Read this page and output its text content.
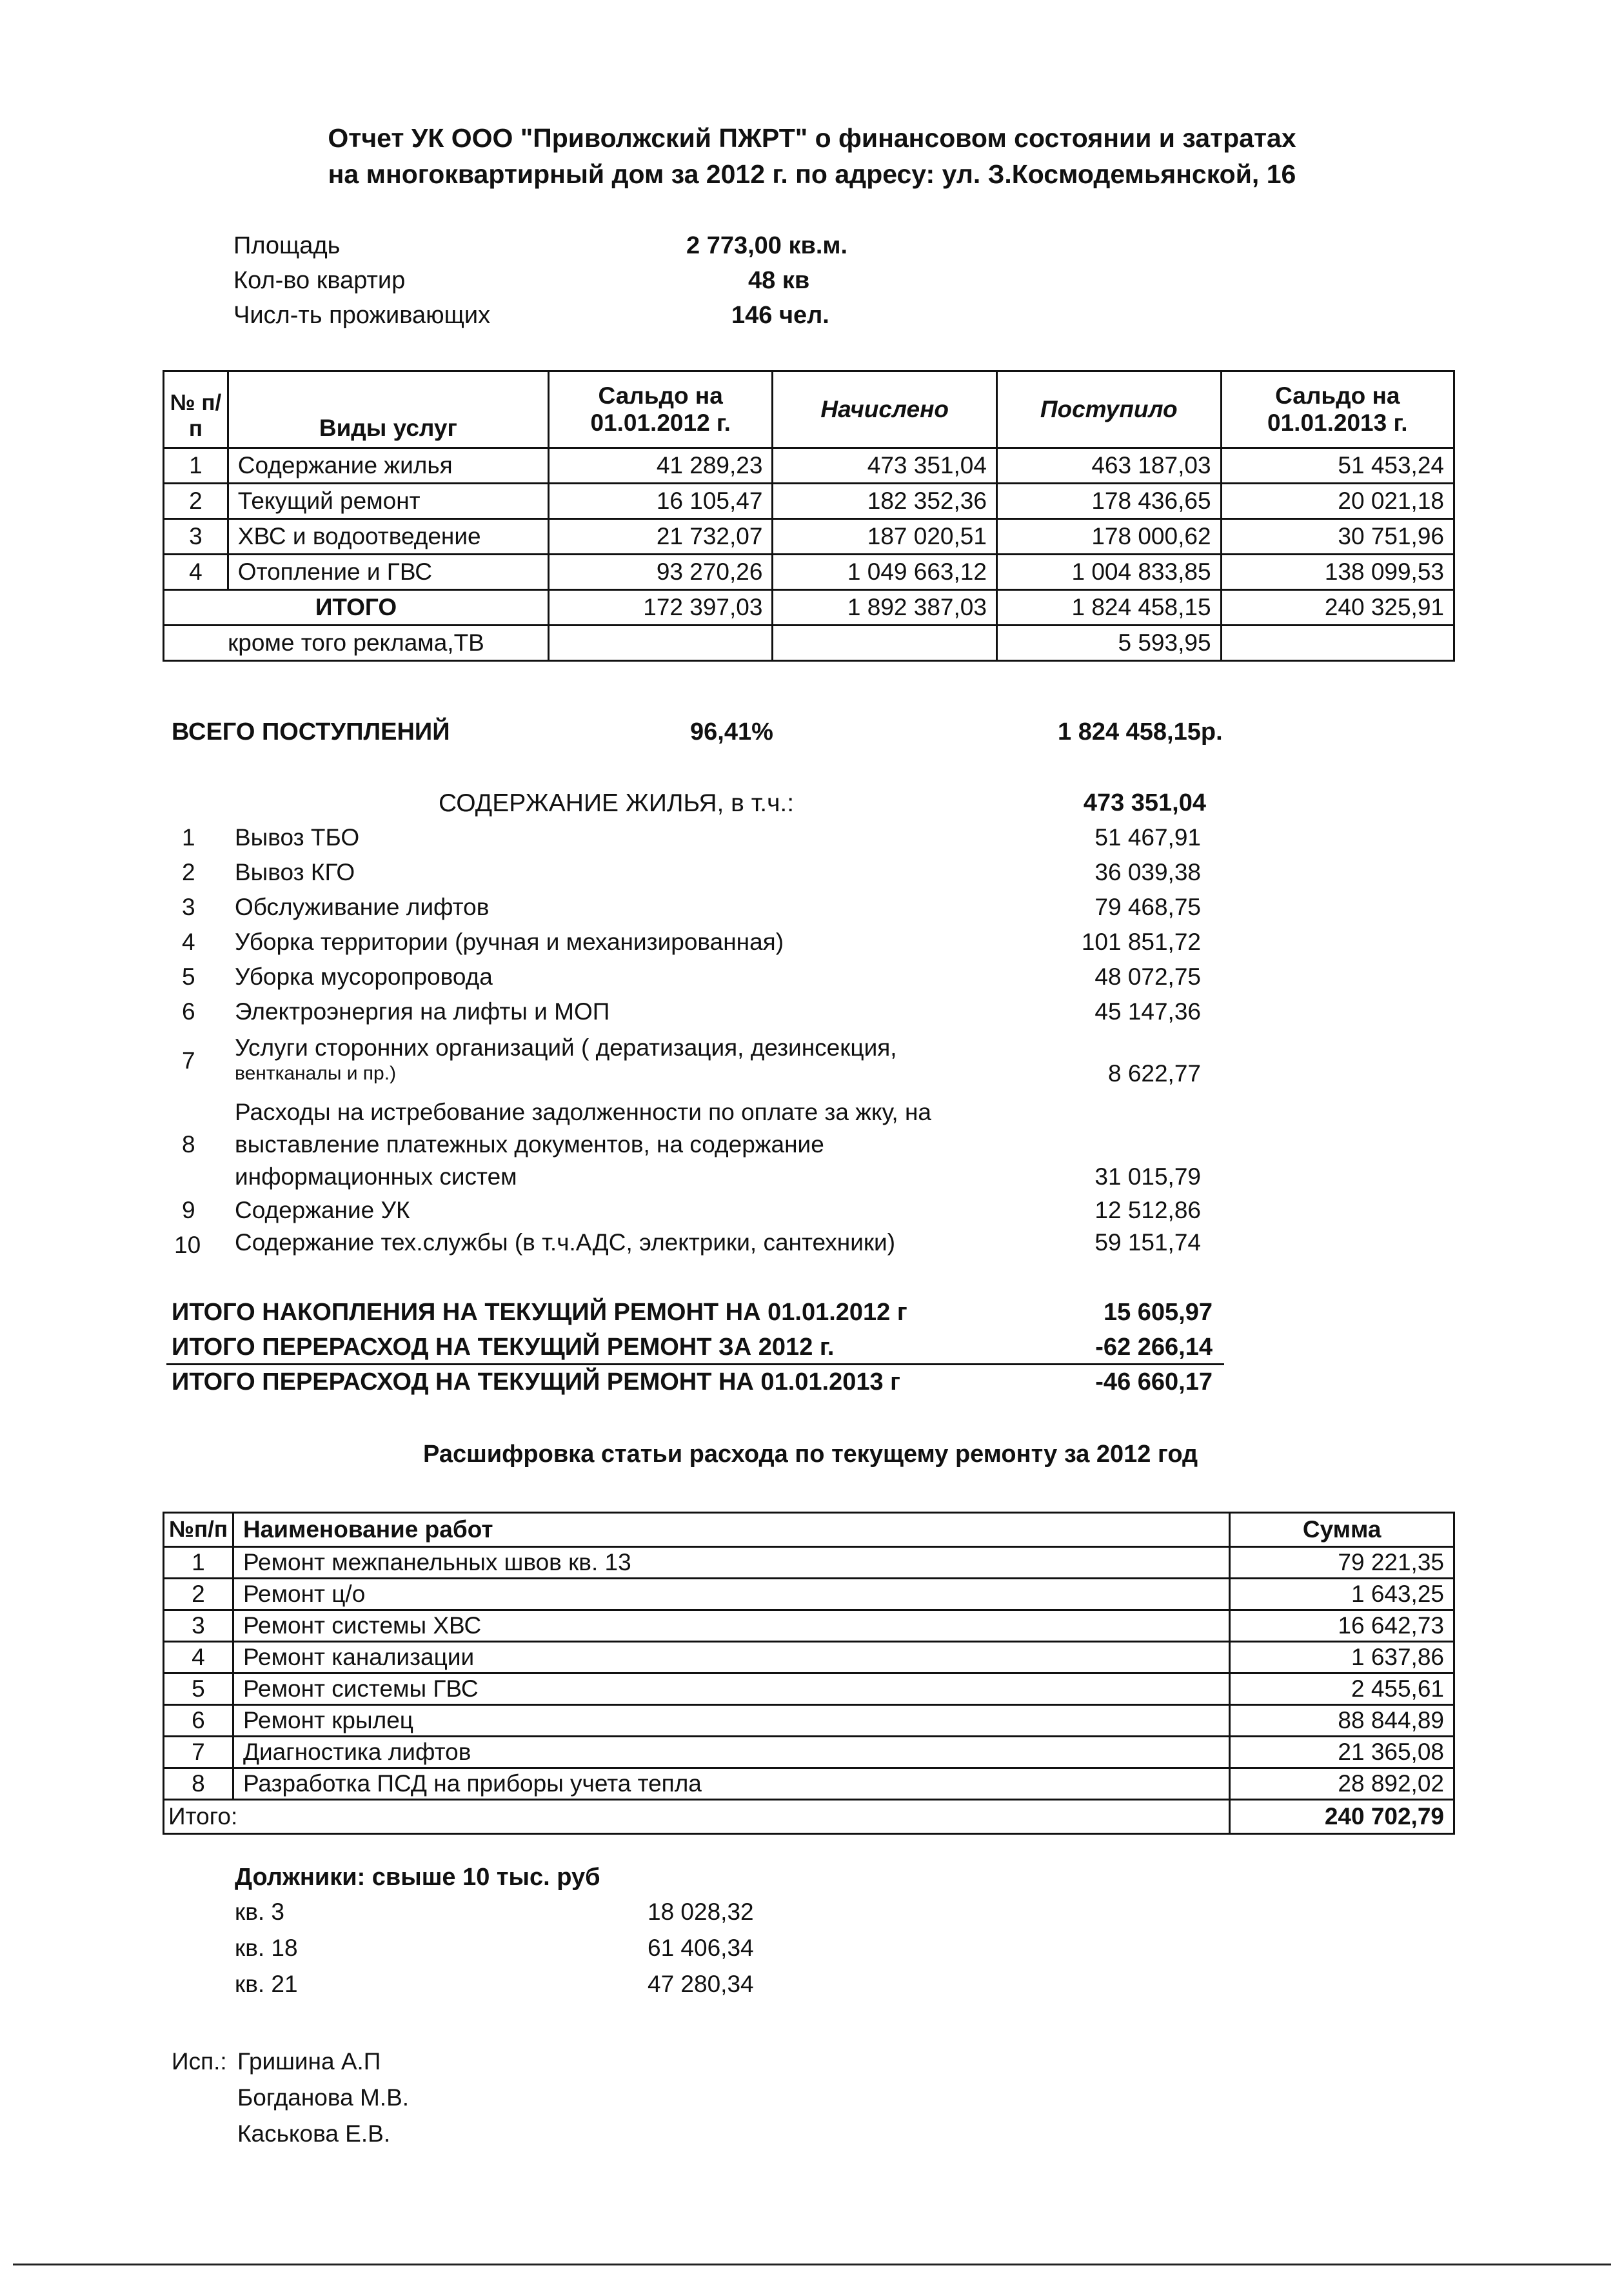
Отчет УК ООО "Приволжский ПЖРТ" о финансовом состоянии и затратах
на многоквартирный дом за 2012 г. по адресу: ул. З.Космодемьянской, 16
Площадь	2 773,00 кв.м.
Кол-во квартир	48 кв
Числ-ть проживающих	146 чел.
№ п/п	Виды услуг	Сальдо на 01.01.2012 г.	Начислено	Поступило	Сальдо на 01.01.2013 г.
1	Содержание жилья	41 289,23	473 351,04	463 187,03	51 453,24
2	Текущий ремонт	16 105,47	182 352,36	178 436,65	20 021,18
3	ХВС и водоотведение	21 732,07	187 020,51	178 000,62	30 751,96
4	Отопление и ГВС	93 270,26	1 049 663,12	1 004 833,85	138 099,53
ИТОГО		172 397,03	1 892 387,03	1 824 458,15	240 325,91
кроме того реклама,ТВ				5 593,95	
ВСЕГО ПОСТУПЛЕНИЙ	96,41%	1 824 458,15р.
СОДЕРЖАНИЕ ЖИЛЬЯ, в т.ч.:	473 351,04
1 Вывоз ТБО	51 467,91
2 Вывоз КГО	36 039,38
3 Обслуживание лифтов	79 468,75
4 Уборка территории (ручная и механизированная)	101 851,72
5 Уборка мусоропровода	48 072,75
6 Электроэнергия на лифты и МОП	45 147,36
7 Услуги сторонних организаций ( дератизация, дезинсекция,
вентканалы и пр.)	8 622,77
8
Расходы на истребование задолженности по оплате за жку, на
выставление платежных документов, на содержание
информационных систем	31 015,79
9 Содержание УК	12 512,86
10 Содержание тех.службы (в т.ч.АДС, электрики, сантехники)	59 151,74
ИТОГО НАКОПЛЕНИЯ НА ТЕКУЩИЙ РЕМОНТ НА 01.01.2012 г	15 605,97
ИТОГО ПЕРЕРАСХОД НА ТЕКУЩИЙ РЕМОНТ ЗА 2012 г.	-62 266,14
ИТОГО ПЕРЕРАСХОД НА ТЕКУЩИЙ РЕМОНТ НА 01.01.2013 г	-46 660,17
Расшифровка статьи расхода по текущему ремонту за 2012 год
№п/п	Наименование работ	Сумма
1	Ремонт межпанельных швов кв. 13	79 221,35
2	Ремонт ц/о	1 643,25
3	Ремонт системы ХВС	16 642,73
4	Ремонт канализации	1 637,86
5	Ремонт системы ГВС	2 455,61
6	Ремонт крылец	88 844,89
7	Диагностика лифтов	21 365,08
8	Разработка ПСД на приборы учета тепла	28 892,02
Итого:		240 702,79
Должники: свыше 10 тыс. руб
кв. 3	18 028,32
кв. 18	61 406,34
кв. 21	47 280,34
Исп.: Гришина А.П
Богданова М.В.
Каськова Е.В.
